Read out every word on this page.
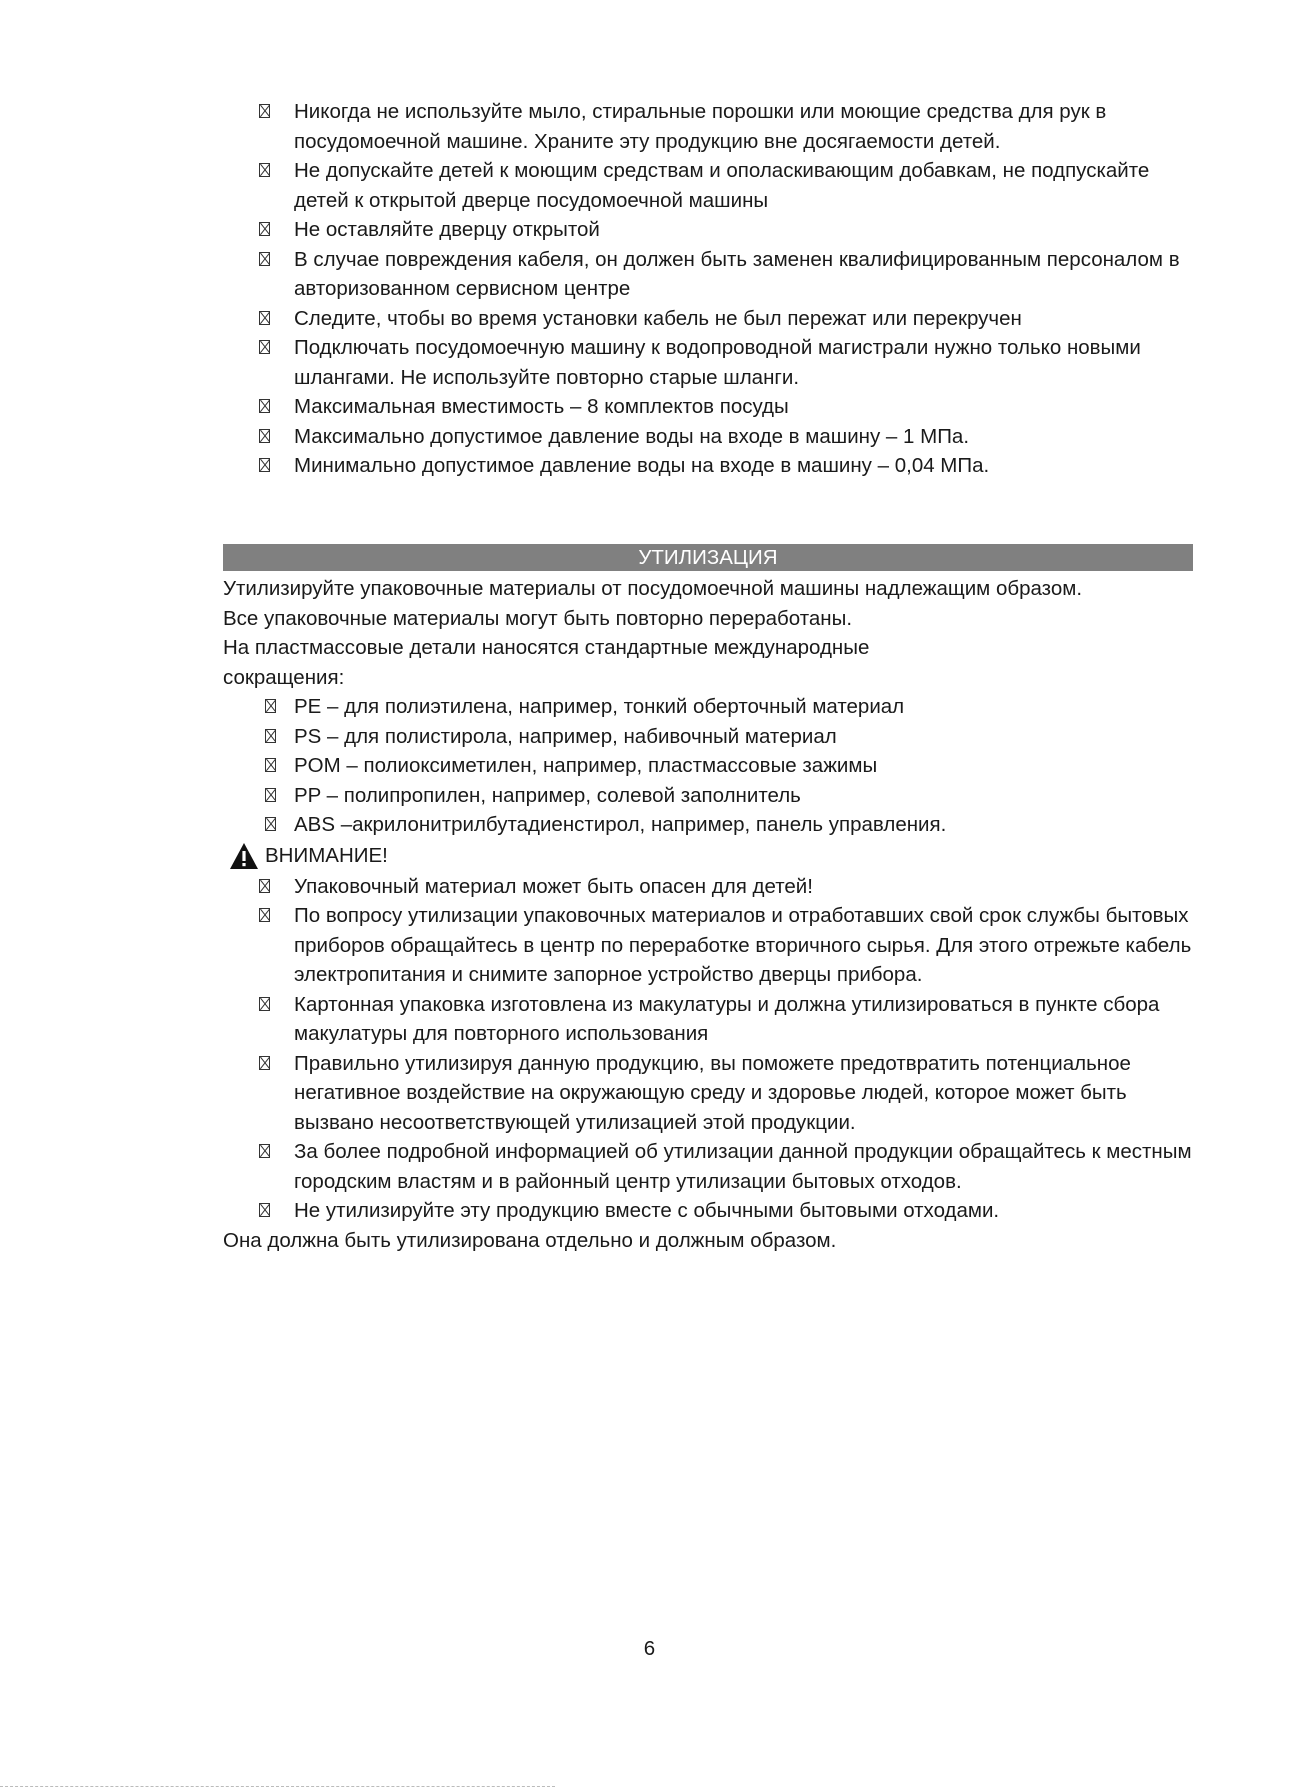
Никогда не используйте мыло, стиральные порошки или моющие средства для рук в посудомоечной машине. Храните эту продукцию вне досягаемости детей.
Не допускайте детей к моющим средствам и ополаскивающим добавкам, не подпускайте детей к открытой дверце посудомоечной машины
Не оставляйте дверцу открытой
В случае повреждения кабеля, он должен быть заменен квалифицированным персоналом в авторизованном сервисном центре
Следите, чтобы во время установки кабель не был пережат или перекручен
Подключать посудомоечную машину к водопроводной магистрали нужно только новыми шлангами. Не используйте повторно старые шланги.
Максимальная вместимость – 8 комплектов посуды
Максимально допустимое давление воды на входе в машину – 1 МПа.
Минимально допустимое давление воды на входе в машину – 0,04 МПа.
УТИЛИЗАЦИЯ

Утилизируйте упаковочные материалы от посудомоечной машины надлежащим образом.

Все упаковочные материалы могут быть повторно переработаны.

На пластмассовые детали наносятся стандартные международные

сокращения:

PE – для полиэтилена, например, тонкий оберточный материал
PS – для полистирола, например, набивочный материал
POM – полиоксиметилен, например, пластмассовые зажимы
PP – полипропилен, например, солевой заполнитель
ABS –акрилонитрилбутадиенстирол, например, панель управления.
ВНИМАНИЕ!
Упаковочный материал может быть опасен для детей!
По вопросу утилизации упаковочных материалов и отработавших свой срок службы бытовых приборов обращайтесь в центр по переработке вторичного сырья. Для этого отрежьте кабель электропитания и снимите запорное устройство дверцы прибора.
Картонная упаковка изготовлена из макулатуры и должна утилизироваться в пункте сбора макулатуры для повторного использования
Правильно утилизируя данную продукцию, вы поможете предотвратить потенциальное негативное воздействие на окружающую среду и здоровье людей, которое может быть вызвано несоответствующей утилизацией этой продукции.
За более подробной информацией об утилизации данной продукции обращайтесь к местным городским властям и в районный центр утилизации бытовых отходов.
Не утилизируйте эту продукцию вместе с обычными бытовыми отходами.

Она должна быть утилизирована отдельно и должным образом.

6
